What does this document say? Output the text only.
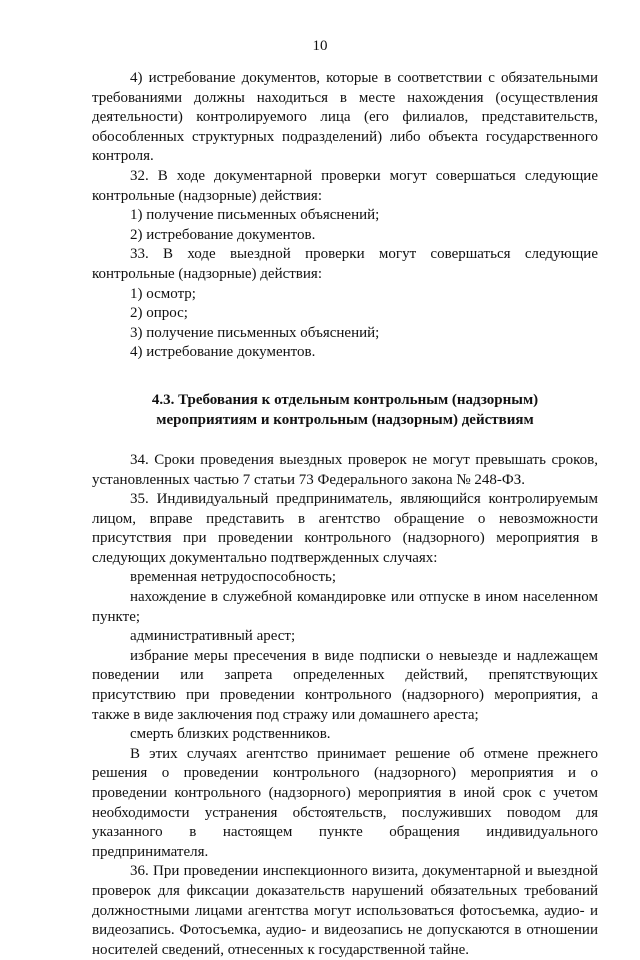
10

4) истребование документов, которые в соответствии с обязательными требованиями должны находиться в месте нахождения (осуществления деятельности) контролируемого лица (его филиалов, представительств, обособленных структурных подразделений) либо объекта государственного контроля.

32. В ходе документарной проверки могут совершаться следующие контрольные (надзорные) действия:

1) получение письменных объяснений;

2) истребование документов.

33. В ходе выездной проверки могут совершаться следующие контрольные (надзорные) действия:

1) осмотр;

2) опрос;

3) получение письменных объяснений;

4) истребование документов.

4.3. Требования к отдельным контрольным (надзорным)
мероприятиям и контрольным (надзорным) действиям

34. Сроки проведения выездных проверок не могут превышать сроков, установленных частью 7 статьи 73 Федерального закона № 248-ФЗ.

35. Индивидуальный предприниматель, являющийся контролируемым лицом, вправе представить в агентство обращение о невозможности присутствия при проведении контрольного (надзорного) мероприятия в следующих документально подтвержденных случаях:

временная нетрудоспособность;

нахождение в служебной командировке или отпуске в ином населенном пункте;

административный арест;

избрание меры пресечения в виде подписки о невыезде и надлежащем поведении или запрета определенных действий, препятствующих присутствию при проведении контрольного (надзорного) мероприятия, а также в виде заключения под стражу или домашнего ареста;

смерть близких родственников.

В этих случаях агентство принимает решение об отмене прежнего решения о проведении контрольного (надзорного) мероприятия и о проведении контрольного (надзорного) мероприятия в иной срок с учетом необходимости устранения обстоятельств, послуживших поводом для указанного в настоящем пункте обращения индивидуального предпринимателя.

36. При проведении инспекционного визита, документарной и выездной проверок для фиксации доказательств нарушений обязательных требований должностными лицами агентства могут использоваться фотосъемка, аудио- и видеозапись. Фотосъемка, аудио- и видеозапись не допускаются в отношении носителей сведений, отнесенных к государственной тайне.
